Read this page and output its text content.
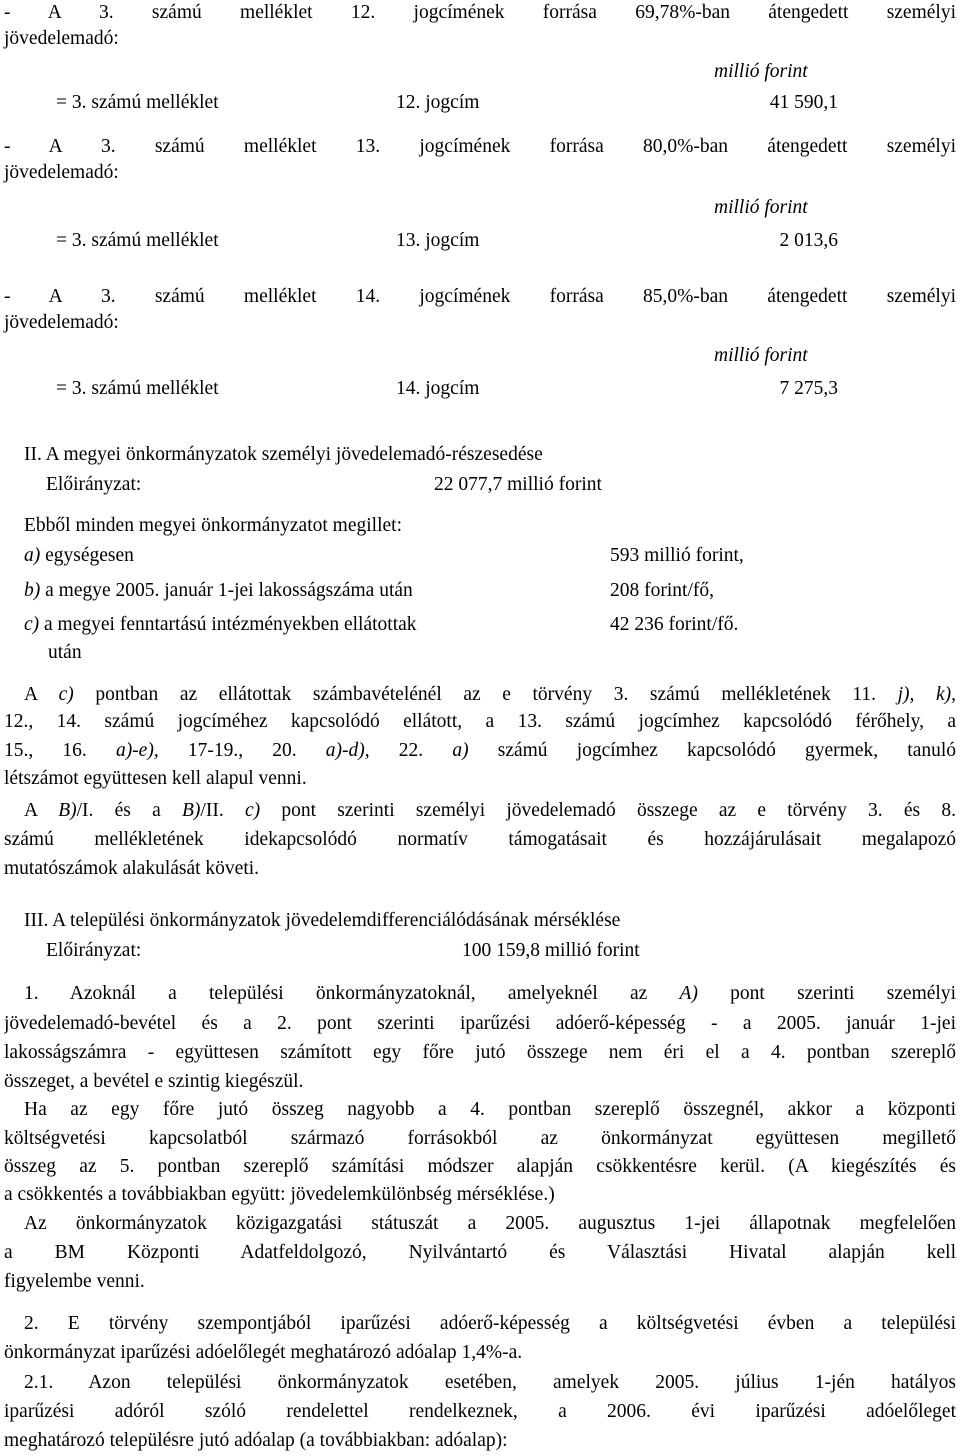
- A 3. számú melléklet 12. jogcímének forrása 69,78%-ban átengedett személyi
jövedelemadó:
millió forint
= 3. számú melléklet	12. jogcím	41 590,1
- A 3. számú melléklet 13. jogcímének forrása 80,0%-ban átengedett személyi
jövedelemadó:
millió forint
= 3. számú melléklet	13. jogcím	2 013,6
- A 3. számú melléklet 14. jogcímének forrása 85,0%-ban átengedett személyi
jövedelemadó:
millió forint
= 3. számú melléklet	14. jogcím	7 275,3
II. A megyei önkormányzatok személyi jövedelemadó-részesedése
Előirányzat:	22 077,7 millió forint
Ebből minden megyei önkormányzatot megillet:
a) egységesen	593 millió forint,
b) a megye 2005. január 1-jei lakosságszáma után	208 forint/fő,
c) a megyei fenntartású intézményekben ellátottak	42 236 forint/fő.
után
A c) pontban az ellátottak számbavételénél az e törvény 3. számú mellékletének 11. j), k),
12., 14. számú jogcíméhez kapcsolódó ellátott, a 13. számú jogcímhez kapcsolódó férőhely, a
15., 16. a)-e), 17-19., 20. a)-d), 22. a) számú jogcímhez kapcsolódó gyermek, tanuló
létszámot együttesen kell alapul venni.
A B)/I. és a B)/II. c) pont szerinti személyi jövedelemadó összege az e törvény 3. és 8.
számú mellékletének idekapcsolódó normatív támogatásait és hozzájárulásait megalapozó
mutatószámok alakulását követi.
III. A települési önkormányzatok jövedelemdifferenciálódásának mérséklése
Előirányzat:	100 159,8 millió forint
1. Azoknál a települési önkormányzatoknál, amelyeknél az A) pont szerinti személyi
jövedelemadó-bevétel és a 2. pont szerinti iparűzési adóerő-képesség - a 2005. január 1-jei
lakosságszámra - együttesen számított egy főre jutó összege nem éri el a 4. pontban szereplő
összeget, a bevétel e szintig kiegészül.
Ha az egy főre jutó összeg nagyobb a 4. pontban szereplő összegnél, akkor a központi
költségvetési kapcsolatból származó forrásokból az önkormányzat együttesen megillető
összeg az 5. pontban szereplő számítási módszer alapján csökkentésre kerül. (A kiegészítés és
a csökkentés a továbbiakban együtt: jövedelemkülönbség mérséklése.)
Az önkormányzatok közigazgatási státuszát a 2005. augusztus 1-jei állapotnak megfelelően
a BM Központi Adatfeldolgozó, Nyilvántartó és Választási Hivatal alapján kell
figyelembe venni.
2. E törvény szempontjából iparűzési adóerő-képesség a költségvetési évben a települési
önkormányzat iparűzési adóelőlegét meghatározó adóalap 1,4%-a.
2.1. Azon települési önkormányzatok esetében, amelyek 2005. július 1-jén hatályos
iparűzési adóról szóló rendelettel rendelkeznek, a 2006. évi iparűzési adóelőleget
meghatározó településre jutó adóalap (a továbbiakban: adóalap):
